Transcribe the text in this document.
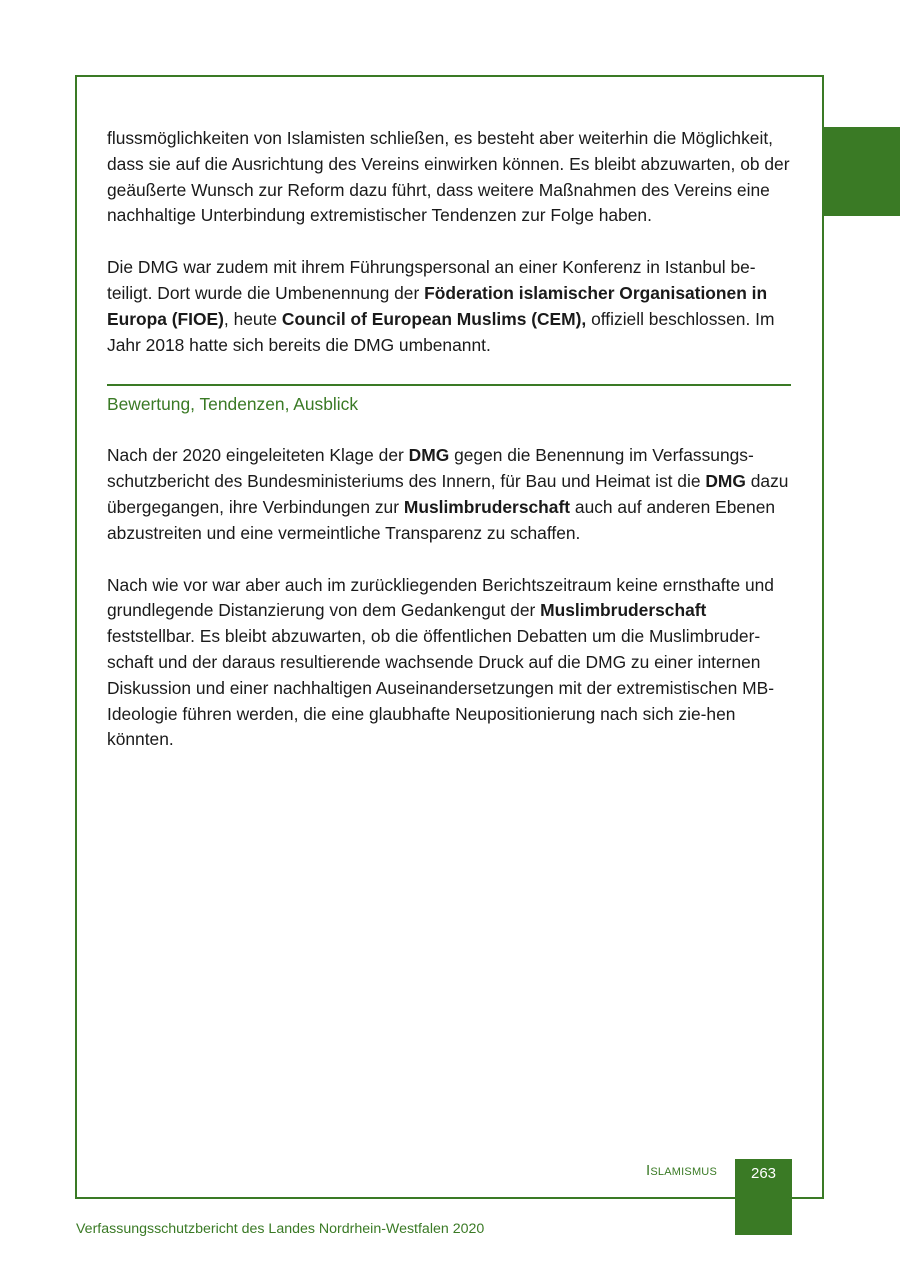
flussmöglichkeiten von Islamisten schließen, es besteht aber weiterhin die Möglichkeit, dass sie auf die Ausrichtung des Vereins einwirken können. Es bleibt abzuwarten, ob der geäußerte Wunsch zur Reform dazu führt, dass weitere Maßnahmen des Vereins eine nachhaltige Unterbindung extremistischer Tendenzen zur Folge haben.

Die DMG war zudem mit ihrem Führungspersonal an einer Konferenz in Istanbul be-teiligt. Dort wurde die Umbenennung der Föderation islamischer Organisationen in Europa (FIOE), heute Council of European Muslims (CEM), offiziell beschlossen. Im Jahr 2018 hatte sich bereits die DMG umbenannt.

Bewertung, Tendenzen, Ausblick

Nach der 2020 eingeleiteten Klage der DMG gegen die Benennung im Verfassungs-schutzbericht des Bundesministeriums des Innern, für Bau und Heimat ist die DMG dazu übergegangen, ihre Verbindungen zur Muslimbruderschaft auch auf anderen Ebenen abzustreiten und eine vermeintliche Transparenz zu schaffen.

Nach wie vor war aber auch im zurückliegenden Berichtszeitraum keine ernsthafte und grundlegende Distanzierung von dem Gedankengut der Muslimbruderschaft feststellbar. Es bleibt abzuwarten, ob die öffentlichen Debatten um die Muslimbruder-schaft und der daraus resultierende wachsende Druck auf die DMG zu einer internen Diskussion und einer nachhaltigen Auseinandersetzungen mit der extremistischen MB-Ideologie führen werden, die eine glaubhafte Neupositionierung nach sich zie-hen könnten.

Islamismus	263
Verfassungsschutzbericht des Landes Nordrhein-Westfalen 2020
